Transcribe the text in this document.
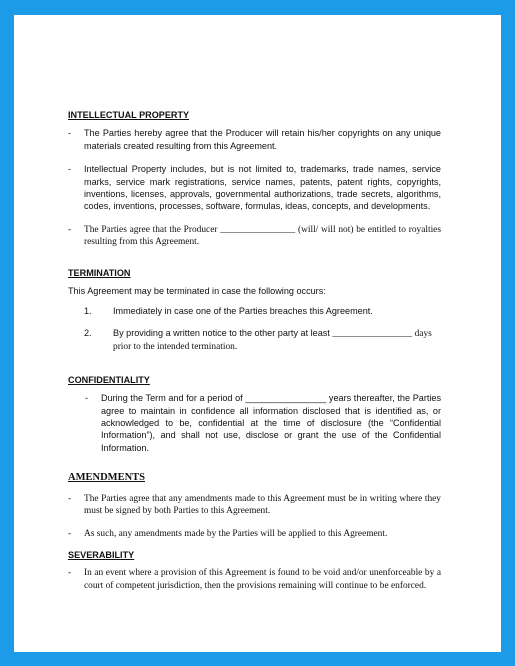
INTELLECTUAL PROPERTY
- The Parties hereby agree that the Producer will retain his/her copyrights on any unique materials created resulting from this Agreement.
- Intellectual Property includes, but is not limited to, trademarks, trade names, service marks, service mark registrations, service names, patents, patent rights, copyrights, inventions, licenses, approvals, governmental authorizations, trade secrets, algorithms, codes, inventions, processes, software, formulas, ideas, concepts, and developments.
- The Parties agree that the Producer ________________ (will/ will not) be entitled to royalties resulting from this Agreement.
TERMINATION
This Agreement may be terminated in case the following occurs:
1. Immediately in case one of the Parties breaches this Agreement.
2. By providing a written notice to the other party at least _________________ days prior to the intended termination.
CONFIDENTIALITY
- During the Term and for a period of ________________ years thereafter, the Parties agree to maintain in confidence all information disclosed that is identified as, or acknowledged to be, confidential at the time of disclosure (the “Confidential Information”), and shall not use, disclose or grant the use of the Confidential Information.
AMENDMENTS
- The Parties agree that any amendments made to this Agreement must be in writing where they must be signed by both Parties to this Agreement.
- As such, any amendments made by the Parties will be applied to this Agreement.
SEVERABILITY
- In an event where a provision of this Agreement is found to be void and/or unenforceable by a court of competent jurisdiction, then the provisions remaining will continue to be enforced.
